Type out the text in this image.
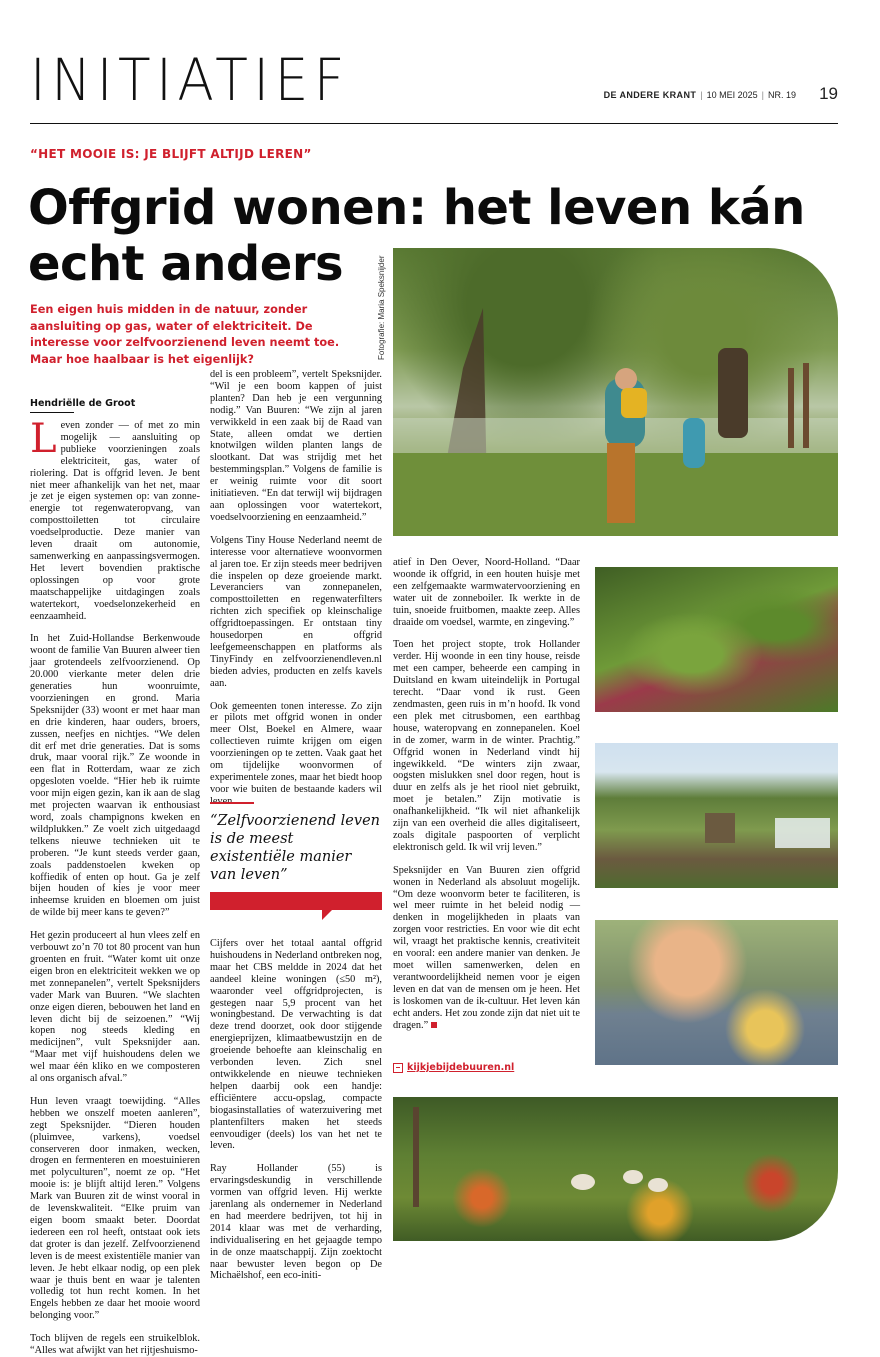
INITIATIEF	DE ANDERE KRANT | 10 MEI 2025 | NR. 19 19
“HET MOOIE IS: JE BLIJFT ALTIJD LEREN”
Offgrid wonen: het leven kán echt anders

Een eigen huis midden in de natuur, zonder aansluiting op gas, water of elektriciteit. De interesse voor zelfvoorzienend leven neemt toe. Maar hoe haalbaar is het eigenlijk?	Fotografie: Maria Speksnijder
Hendriëlle de Groot

Leven zonder — of met zo min mogelijk — aansluiting op publieke voorzieningen zoals elektriciteit, gas, water of riolering. Dat is offgrid leven. Je bent niet meer afhankelijk van het net, maar je zet je eigen systemen op: van zonne-energie tot regenwateropvang, van composttoiletten tot circulaire voedselproductie. Deze manier van leven draait om autonomie, samenwerking en aanpassingsvermogen. Het levert bovendien praktische oplossingen op voor grote maatschappelijke uitdagingen zoals watertekort, voedselonzekerheid en eenzaamheid.

In het Zuid-Hollandse Berkenwoude woont de familie Van Buuren alweer tien jaar grotendeels zelfvoorzienend. Op 20.000 vierkante meter delen drie generaties hun woonruimte, voorzieningen en grond. Maria Speksnijder (33) woont er met haar man en drie kinderen, haar ouders, broers, zussen, neefjes en nichtjes. “We delen dit erf met drie generaties. Dat is soms druk, maar vooral rijk.” Ze woonde in een flat in Rotterdam, waar ze zich opgesloten voelde. “Hier heb ik ruimte voor mijn eigen gezin, kan ik aan de slag met projecten waarvan ik enthousiast word, zoals champignons kweken en wildplukken.” Ze voelt zich uitgedaagd telkens nieuwe technieken uit te proberen. “Je kunt steeds verder gaan, zoals paddenstoelen kweken op koffiedik of enten op hout. Ga je zelf bijen houden of kies je voor meer inheemse kruiden en bloemen om juist de wilde bij meer kans te geven?”

Het gezin produceert al hun vlees zelf en verbouwt zo’n 70 tot 80 procent van hun groenten en fruit. “Water komt uit onze eigen bron en elektriciteit wekken we op met zonnepanelen”, vertelt Speksnijders vader Mark van Buuren. “We slachten onze eigen dieren, bebouwen het land en leven dicht bij de seizoenen.” “Wij kopen nog steeds kleding en medicijnen”, vult Speksnijder aan. “Maar met vijf huishoudens delen we wel maar één kliko en we composteren al ons organisch afval.”

Hun leven vraagt toewijding. “Alles hebben we onszelf moeten aanleren”, zegt Speksnijder. “Dieren houden (pluimvee, varkens), voedsel conserveren door inmaken, wecken, drogen en fermenteren en moestuinieren met polyculturen”, noemt ze op. “Het mooie is: je blijft altijd leren.” Volgens Mark van Buuren zit de winst vooral in de levenskwaliteit. “Elke pruim van eigen boom smaakt beter. Doordat iedereen een rol heeft, ontstaat ook iets dat groter is dan jezelf. Zelfvoorzienend leven is de meest existentiële manier van leven. Je hebt elkaar nodig, op een plek waar je thuis bent en waar je talenten volledig tot hun recht komen. In het Engels hebben ze daar het mooie woord belonging voor.”

Toch blijven de regels een struikelblok. “Alles wat afwijkt van het rijtjeshuismo-

del is een probleem”, vertelt Speksnijder. “Wil je een boom kappen of juist planten? Dan heb je een vergunning nodig.” Van Buuren: “We zijn al jaren verwikkeld in een zaak bij de Raad van State, alleen omdat we dertien knotwilgen wilden planten langs de slootkant. Dat was strijdig met het bestemmingsplan.” Volgens de familie is er weinig ruimte voor dit soort initiatieven. “En dat terwijl wij bijdragen aan oplossingen voor watertekort, voedselvoorziening en eenzaamheid.”

Volgens Tiny House Nederland neemt de interesse voor alternatieve woonvormen al jaren toe. Er zijn steeds meer bedrijven die inspelen op deze groeiende markt. Leveranciers van zonnepanelen, composttoiletten en regenwaterfilters richten zich specifiek op kleinschalige offgridtoepassingen. Er ontstaan tiny housedorpen en offgrid leefgemeenschappen en platforms als TinyFindy en zelfvoorzienendleven.nl bieden advies, producten en zelfs kavels aan.

Ook gemeenten tonen interesse. Zo zijn er pilots met offgrid wonen in onder meer Olst, Boekel en Almere, waar collectieven ruimte krijgen om eigen voorzieningen op te zetten. Vaak gaat het om tijdelijke woonvormen of experimentele zones, maar het biedt hoop voor wie buiten de bestaande kaders wil

“Zelfvoorzienend leven is de meest existentiële manier van leven”

Cijfers over het totaal aantal offgrid huishoudens in Nederland ontbreken nog, maar het CBS meldde in 2024 dat het aandeel kleine woningen (≤50 m²), waaronder veel offgridprojecten, is gestegen naar 5,9 procent van het woningbestand. De verwachting is dat deze trend doorzet, ook door stijgende energieprijzen, klimaatbewustzijn en de groeiende behoefte aan kleinschalig en verbonden leven. Zich snel ontwikkelende en nieuwe technieken helpen daarbij ook een handje: efficiëntere accu-opslag, compacte biogasinstallaties of waterzuivering met plantenfilters maken het steeds eenvoudiger (deels) los van het net te leven.

Ray Hollander (55) is ervaringsdeskundig in verschillende vormen van offgrid leven. Hij werkte jarenlang als ondernemer in Nederland en had meerdere bedrijven, tot hij in 2014 klaar was met de verharding, individualisering en het gejaagde tempo in de onze maatschappij. Zijn zoektocht naar bewuster leven begon op De Michaëlshof, een eco-initi-

atief in Den Oever, Noord-Holland. “Daar woonde ik offgrid, in een houten huisje met een zelfgemaakte warmwatervoorziening en water uit de zonneboiler. Ik werkte in de tuin, snoeide fruitbomen, maakte zeep. Alles draaide om voedsel, warmte, en zingeving.”

Toen het project stopte, trok Hollander verder. Hij woonde in een tiny house, reisde met een camper, beheerde een camping in Duitsland en kwam uiteindelijk in Portugal terecht. “Daar vond ik rust. Geen zendmasten, geen ruis in m’n hoofd. Ik vond een plek met citrusbomen, een earthbag house, wateropvang en zonnepanelen. Koel in de zomer, warm in de winter. Prachtig.” Offgrid wonen in Nederland vindt hij ingewikkeld. “De winters zijn zwaar, oogsten mislukken snel door regen, hout is duur en zelfs als je het riool niet gebruikt, moet je betalen.” Zijn motivatie is onafhankelijkheid. “Ik wil niet afhankelijk zijn van een overheid die alles digitaliseert, zoals digitale paspoorten of verplicht elektronisch geld. Ik wil vrij leven.”

Speksnijder en Van Buuren zien offgrid wonen in Nederland als absoluut mogelijk. “Om deze woonvorm beter te faciliteren, is wel meer ruimte in het beleid nodig — denken in mogelijkheden in plaats van zorgen voor restricties. En voor wie dit echt wil, vraagt het praktische kennis, creativiteit en vooral: een andere manier van denken. Je moet willen samenwerken, delen en verantwoordelijkheid nemen voor je eigen leven en dat van de mensen om je heen. Het is loskomen van de ik-cultuur. Het leven kán echt anders. Het zou zonde zijn dat niet uit te dragen.”

kijkjebijdebuuren.nl
